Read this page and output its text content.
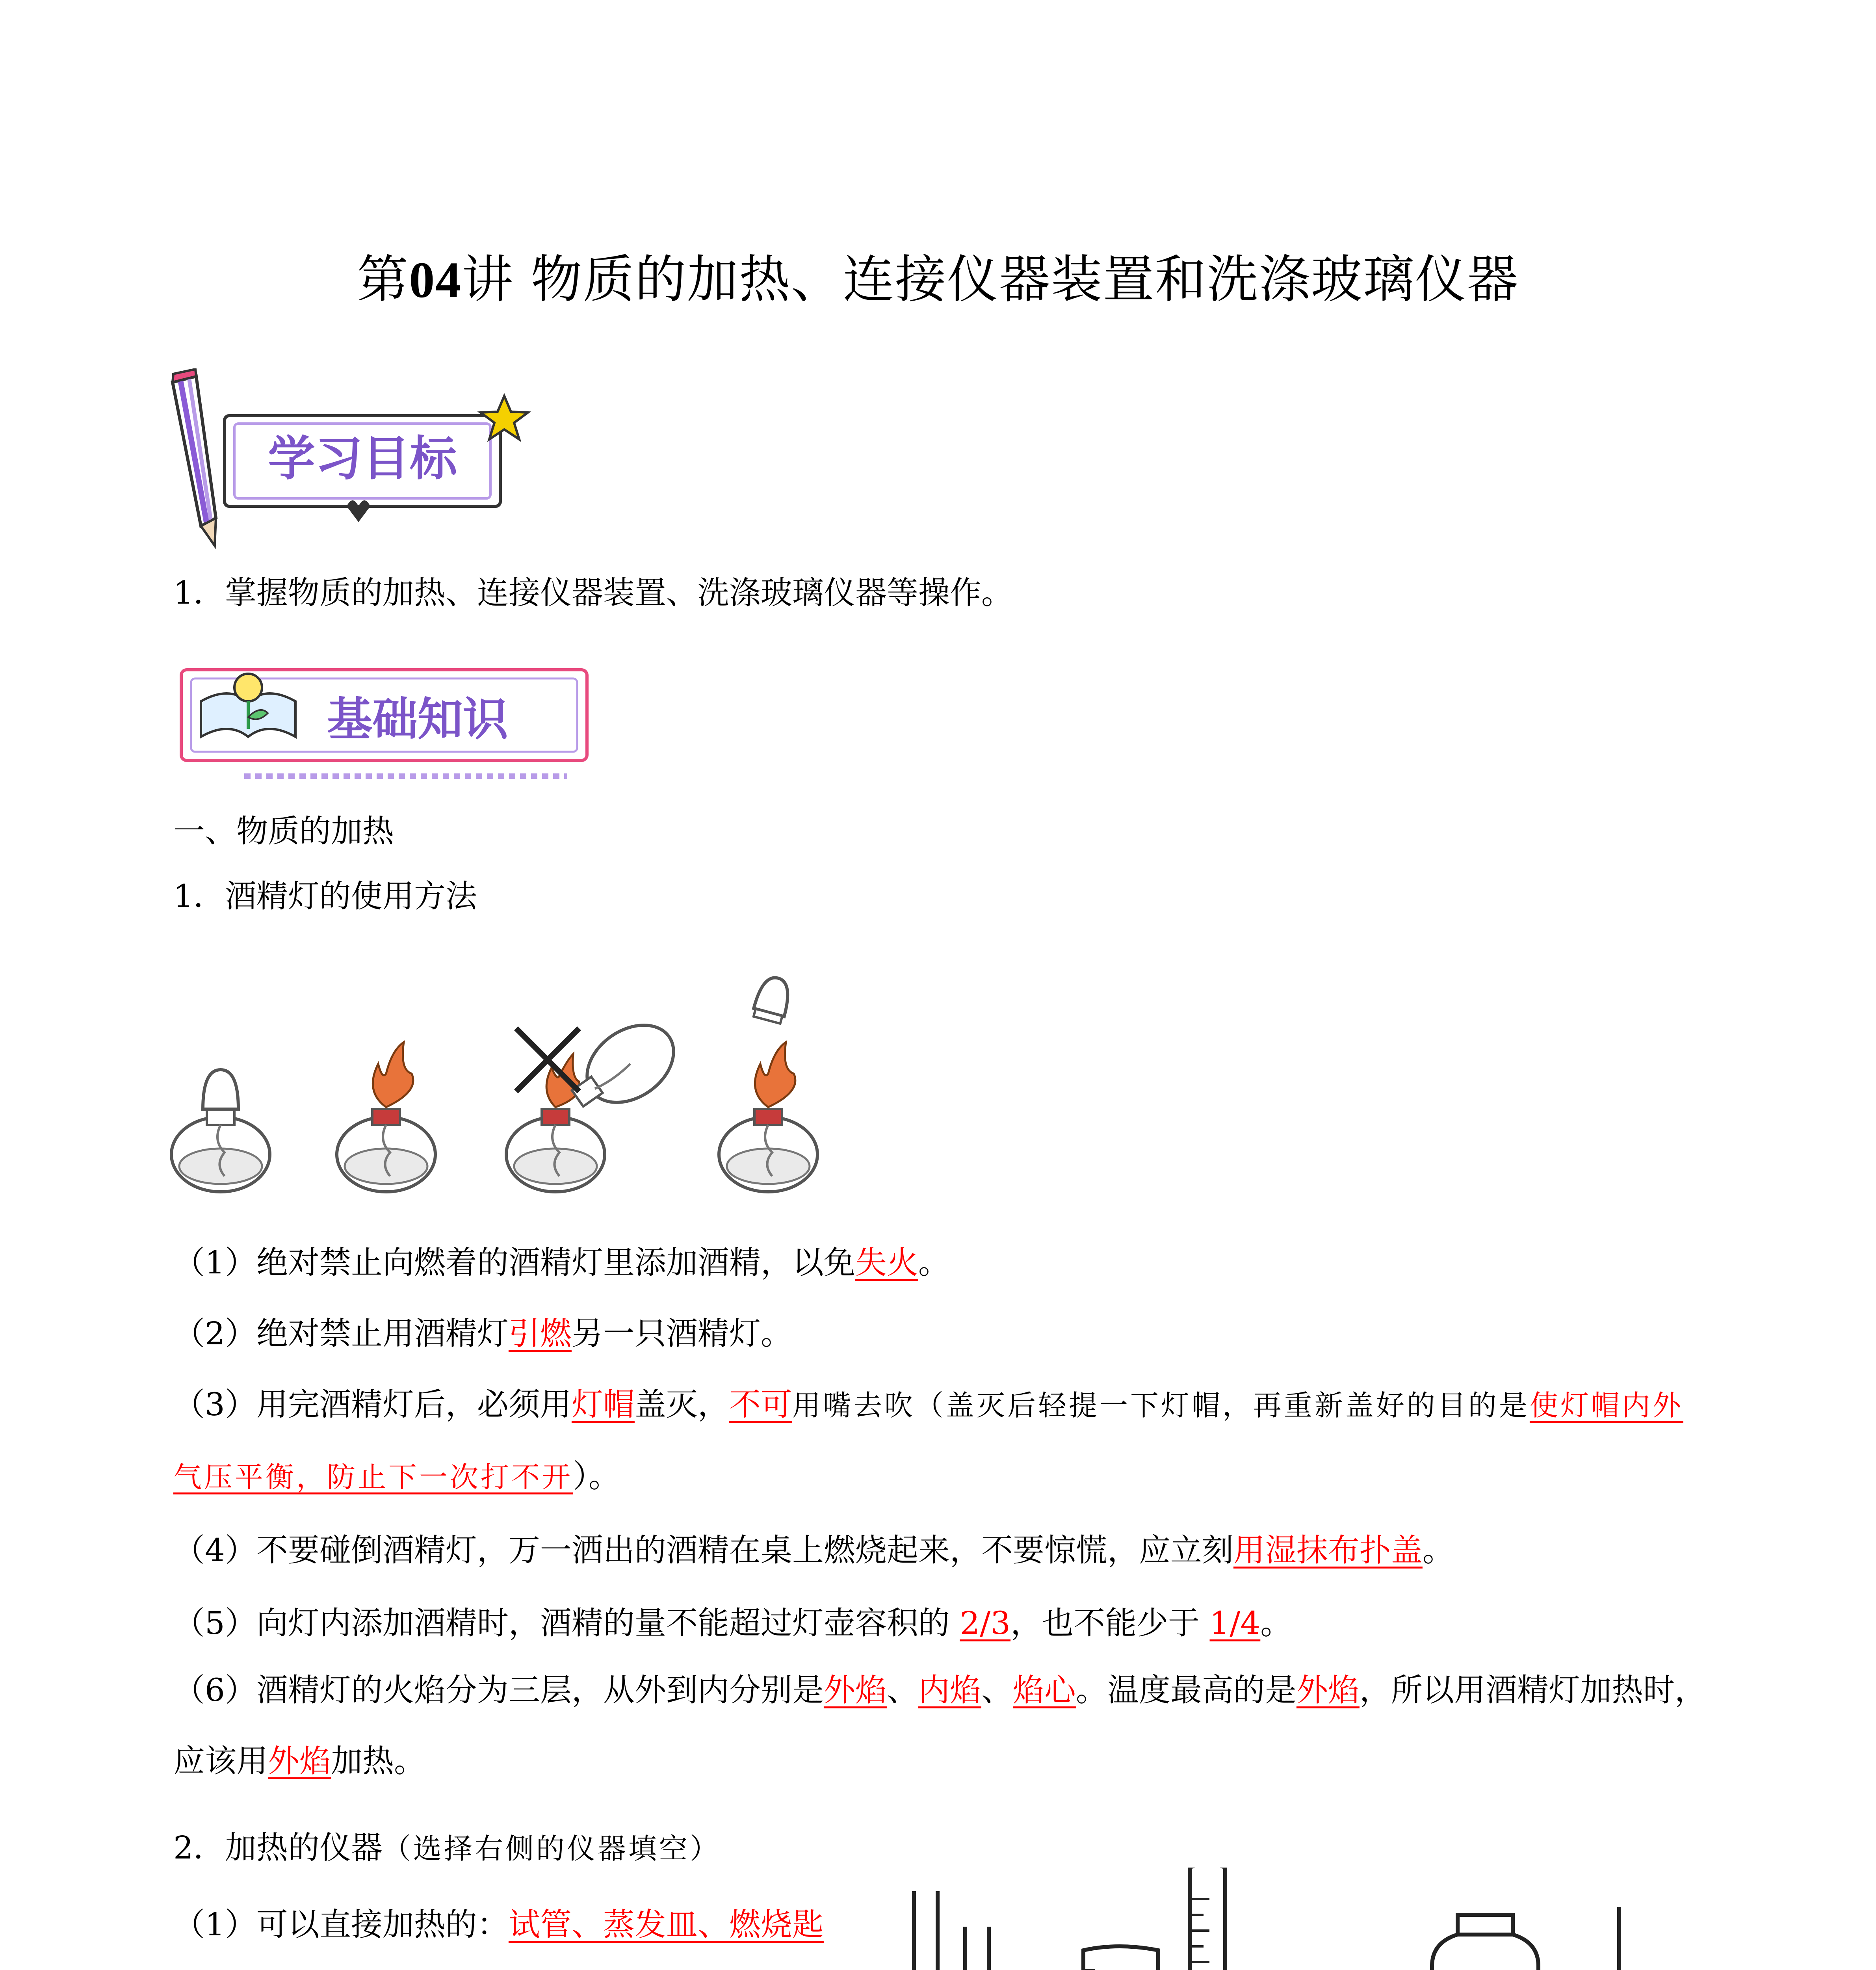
第04讲 物质的加热、连接仪器装置和洗涤玻璃仪器
学习目标
1．掌握物质的加热、连接仪器装置、洗涤玻璃仪器等操作。
基础知识
一、物质的加热
1．酒精灯的使用方法
（1）绝对禁止向燃着的酒精灯里添加酒精，以免失火。
（2）绝对禁止用酒精灯引燃另一只酒精灯。
（3）用完酒精灯后，必须用灯帽盖灭，不可用嘴去吹（盖灭后轻提一下灯帽，再重新盖好的目的是使灯帽内外气压平衡，防止下一次打不开）。
（4）不要碰倒酒精灯，万一洒出的酒精在桌上燃烧起来，不要惊慌，应立刻用湿抹布扑盖。
（5）向灯内添加酒精时，酒精的量不能超过灯壶容积的 2/3，也不能少于 1/4。
（6）酒精灯的火焰分为三层，从外到内分别是外焰、内焰、焰心。温度最高的是外焰，所以用酒精灯加热时，应该用外焰加热。
2．加热的仪器（选择右侧的仪器填空）
（1）可以直接加热的：试管、蒸发皿、燃烧匙
